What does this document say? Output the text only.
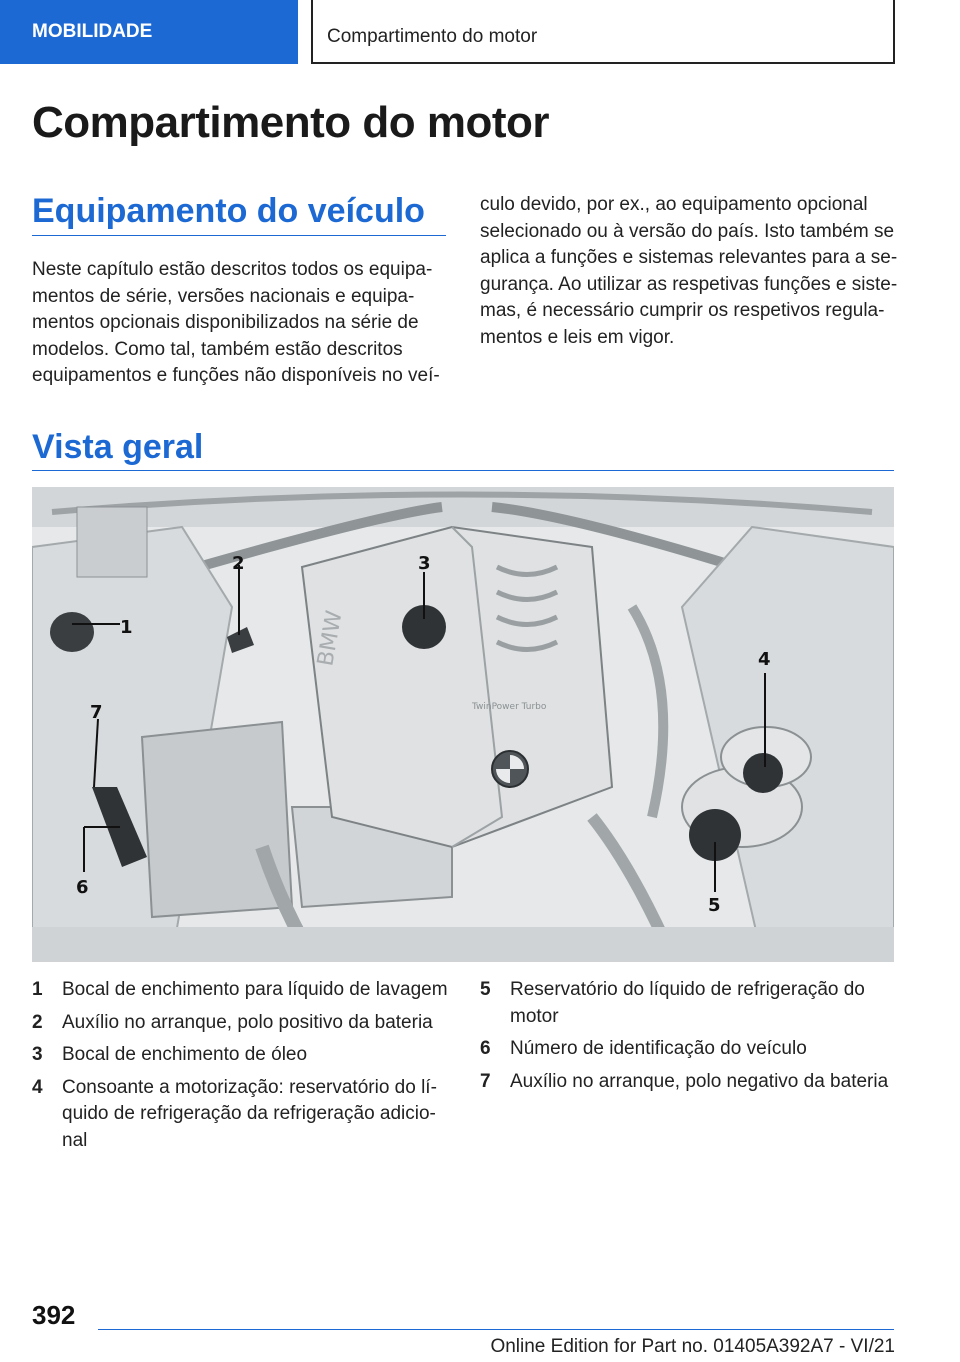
MOBILIDADE	Compartimento do motor
Compartimento do motor
Equipamento do veículo
Neste capítulo estão descritos todos os equipa-
mentos de série, versões nacionais e equipa-
mentos opcionais disponibilizados na série de
modelos. Como tal, também estão descritos
equipamentos e funções não disponíveis no veí-
culo devido, por ex., ao equipamento opcional
selecionado ou à versão do país. Isto também se
aplica a funções e sistemas relevantes para a se-
gurança. Ao utilizar as respetivas funções e siste-
mas, é necessário cumprir os respetivos regula-
mentos e leis em vigor.
Vista geral
BMW
TwinPower Turbo
1
2	3
4
5
6
7
1	Bocal de enchimento para líquido de lavagem
2	Auxílio no arranque, polo positivo da bateria
3	Bocal de enchimento de óleo
4	Consoante a motorização: reservatório do lí-
quido de refrigeração da refrigeração adicio-
nal
5	Reservatório do líquido de refrigeração do
motor
6	Número de identificação do veículo
7	Auxílio no arranque, polo negativo da bateria
392
Online Edition for Part no. 01405A392A7 - VI/21
